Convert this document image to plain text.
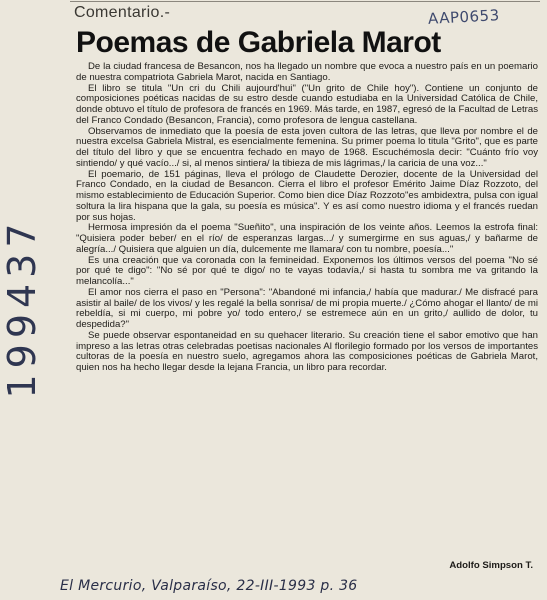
Comentario.-	AAP0653
Poemas de Gabriela Marot
199437

De la ciudad francesa de Besancon, nos ha llegado un nombre que evoca a nuestro país en un poemario de nuestra compatriota Gabriela Marot, nacida en Santiago.

El libro se titula "Un cri du Chili aujourd'hui" ("Un grito de Chile hoy"). Contiene un conjunto de composiciones poéticas nacidas de su estro desde cuando estudiaba en la Universidad Católica de Chile, donde obtuvo el título de profesora de francés en 1969. Más tarde, en 1987, egresó de la Facultad de Letras del Franco Condado (Besancon, Francia), como profesora de lengua castellana.

Observamos de inmediato que la poesía de esta joven cultora de las letras, que lleva por nombre el de nuestra excelsa Gabriela Mistral, es esencialmente femenina. Su primer poema lo titula "Grito", que es parte del título del libro y que se encuentra fechado en mayo de 1968. Escuchémosla decir: "Cuánto frío voy sintiendo/ y qué vacío.../ si, al menos sintiera/ la tibieza de mis lágrimas,/ la caricia de una voz..."

El poemario, de 151 páginas, lleva el prólogo de Claudette Derozier, docente de la Universidad del Franco Condado, en la ciudad de Besancon. Cierra el libro el profesor Emérito Jaime Díaz Rozzoto, del mismo establecimiento de Educación Superior. Como bien dice Díaz Rozzoto"es ambidextra, pulsa con igual soltura la lira hispana que la gala, su poesía es música". Y es así como nuestro idioma y el francés ruedan por sus hojas.

Hermosa impresión da el poema "Sueñito", una inspiración de los veinte años. Leemos la estrofa final: "Quisiera poder beber/ en el río/ de esperanzas largas.../ y sumergirme en sus aguas,/ y bañarme de alegría.../ Quisiera que alguien un día, dulcemente me llamara/ con tu nombre, poesía..."

Es una creación que va coronada con la femineidad. Exponemos los últimos versos del poema "No sé por qué te digo": "No sé por qué te digo/ no te vayas todavía,/ si hasta tu sombra me va gritando la melancolía..."

El amor nos cierra el paso en "Persona": "Abandoné mi infancia,/ había que madurar./ Me disfracé para asistir al baile/ de los vivos/ y les regalé la bella sonrisa/ de mi propia muerte./ ¿Cómo ahogar el llanto/ de mi rebeldía, si mi cuerpo, mi pobre yo/ todo entero,/ se estremece aún en un grito,/ aullido de dolor, tu despedida?"

Se puede observar espontaneidad en su quehacer literario. Su creación tiene el sabor emotivo que han impreso a las letras otras celebradas poetisas nacionales Al florilegio formado por los versos de importantes cultoras de la poesía en nuestro suelo, agregamos ahora las composiciones poéticas de Gabriela Marot, quien nos ha hecho llegar desde la lejana Francia, un libro para recordar.

Adolfo Simpson T.
El Mercurio, Valparaíso, 22-III-1993 p. 36
